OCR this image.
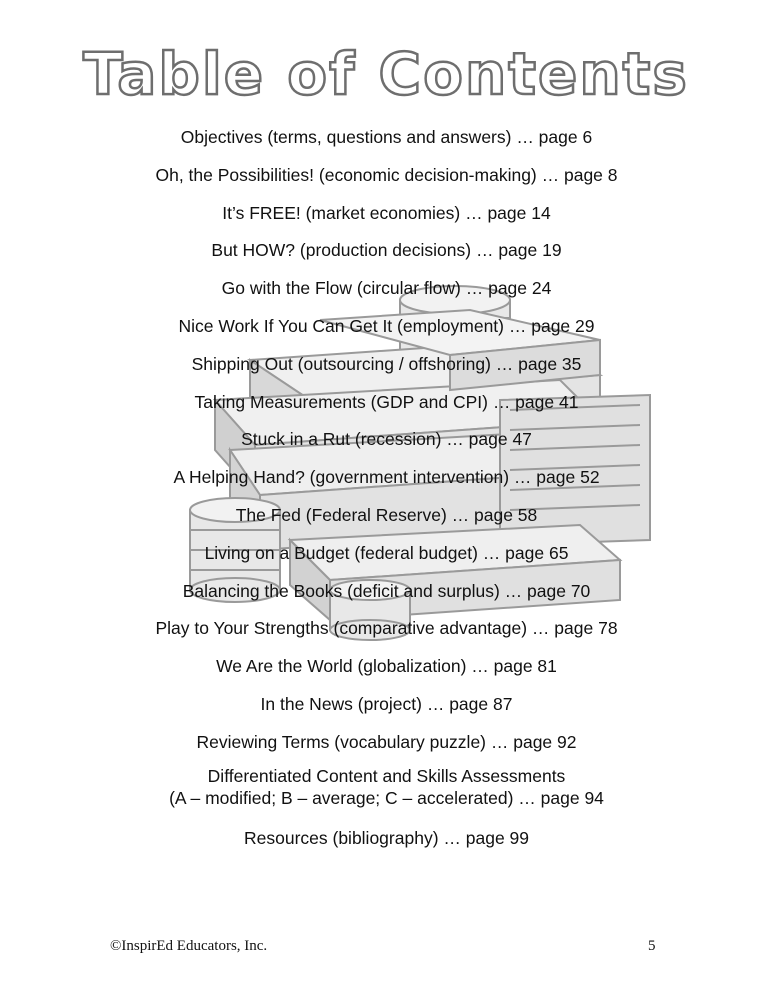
Table of Contents
Objectives (terms, questions and answers) … page 6
Oh, the Possibilities! (economic decision-making) … page 8
It’s FREE! (market economies) … page 14
But HOW? (production decisions) … page 19
Go with the Flow (circular flow) … page 24
Nice Work If You Can Get It (employment) … page 29
Shipping Out (outsourcing / offshoring) … page 35
Taking Measurements (GDP and CPI) … page 41
Stuck in a Rut (recession) … page 47
A Helping Hand? (government intervention) … page 52
The Fed (Federal Reserve) … page 58
Living on a Budget (federal budget) … page 65
Balancing the Books (deficit and surplus) … page 70
Play to Your Strengths (comparative advantage) … page 78
We Are the World (globalization) … page 81
In the News (project) … page 87
Reviewing Terms (vocabulary puzzle) … page 92
Differentiated Content and Skills Assessments
(A – modified; B – average; C – accelerated) … page 94
Resources (bibliography) … page 99
©InspirEd Educators, Inc.	5
